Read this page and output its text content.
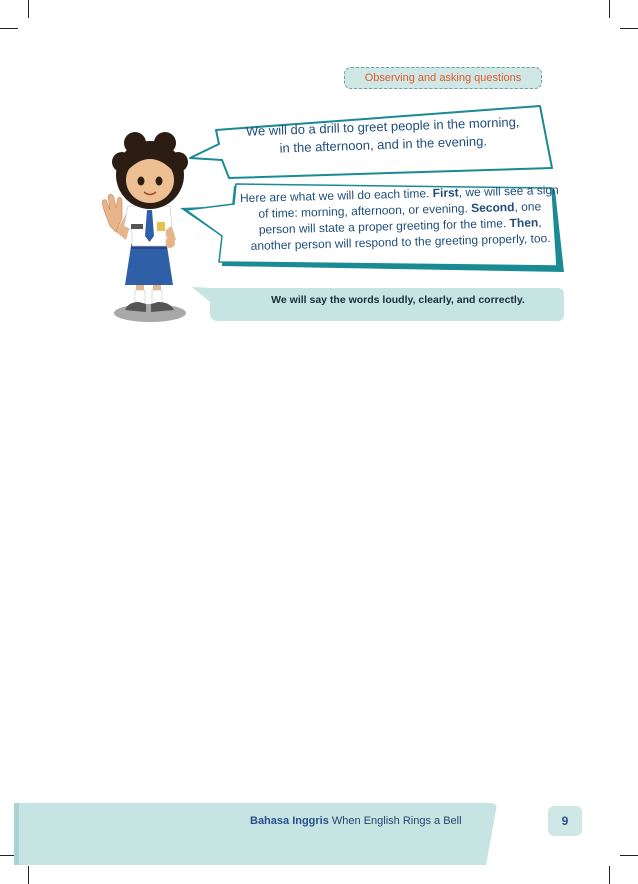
Observing and asking questions
We will do a drill to greet people in the morning,
in the afternoon, and in the evening.
Here are what we will do each time. First, we will see a sign of time: morning, afternoon, or evening. Second, one person will state a proper greeting for the time. Then, another person will respond to the greeting properly, too.
We will say the words loudly, clearly, and correctly.
Bahasa Inggris When English Rings a Bell	9
